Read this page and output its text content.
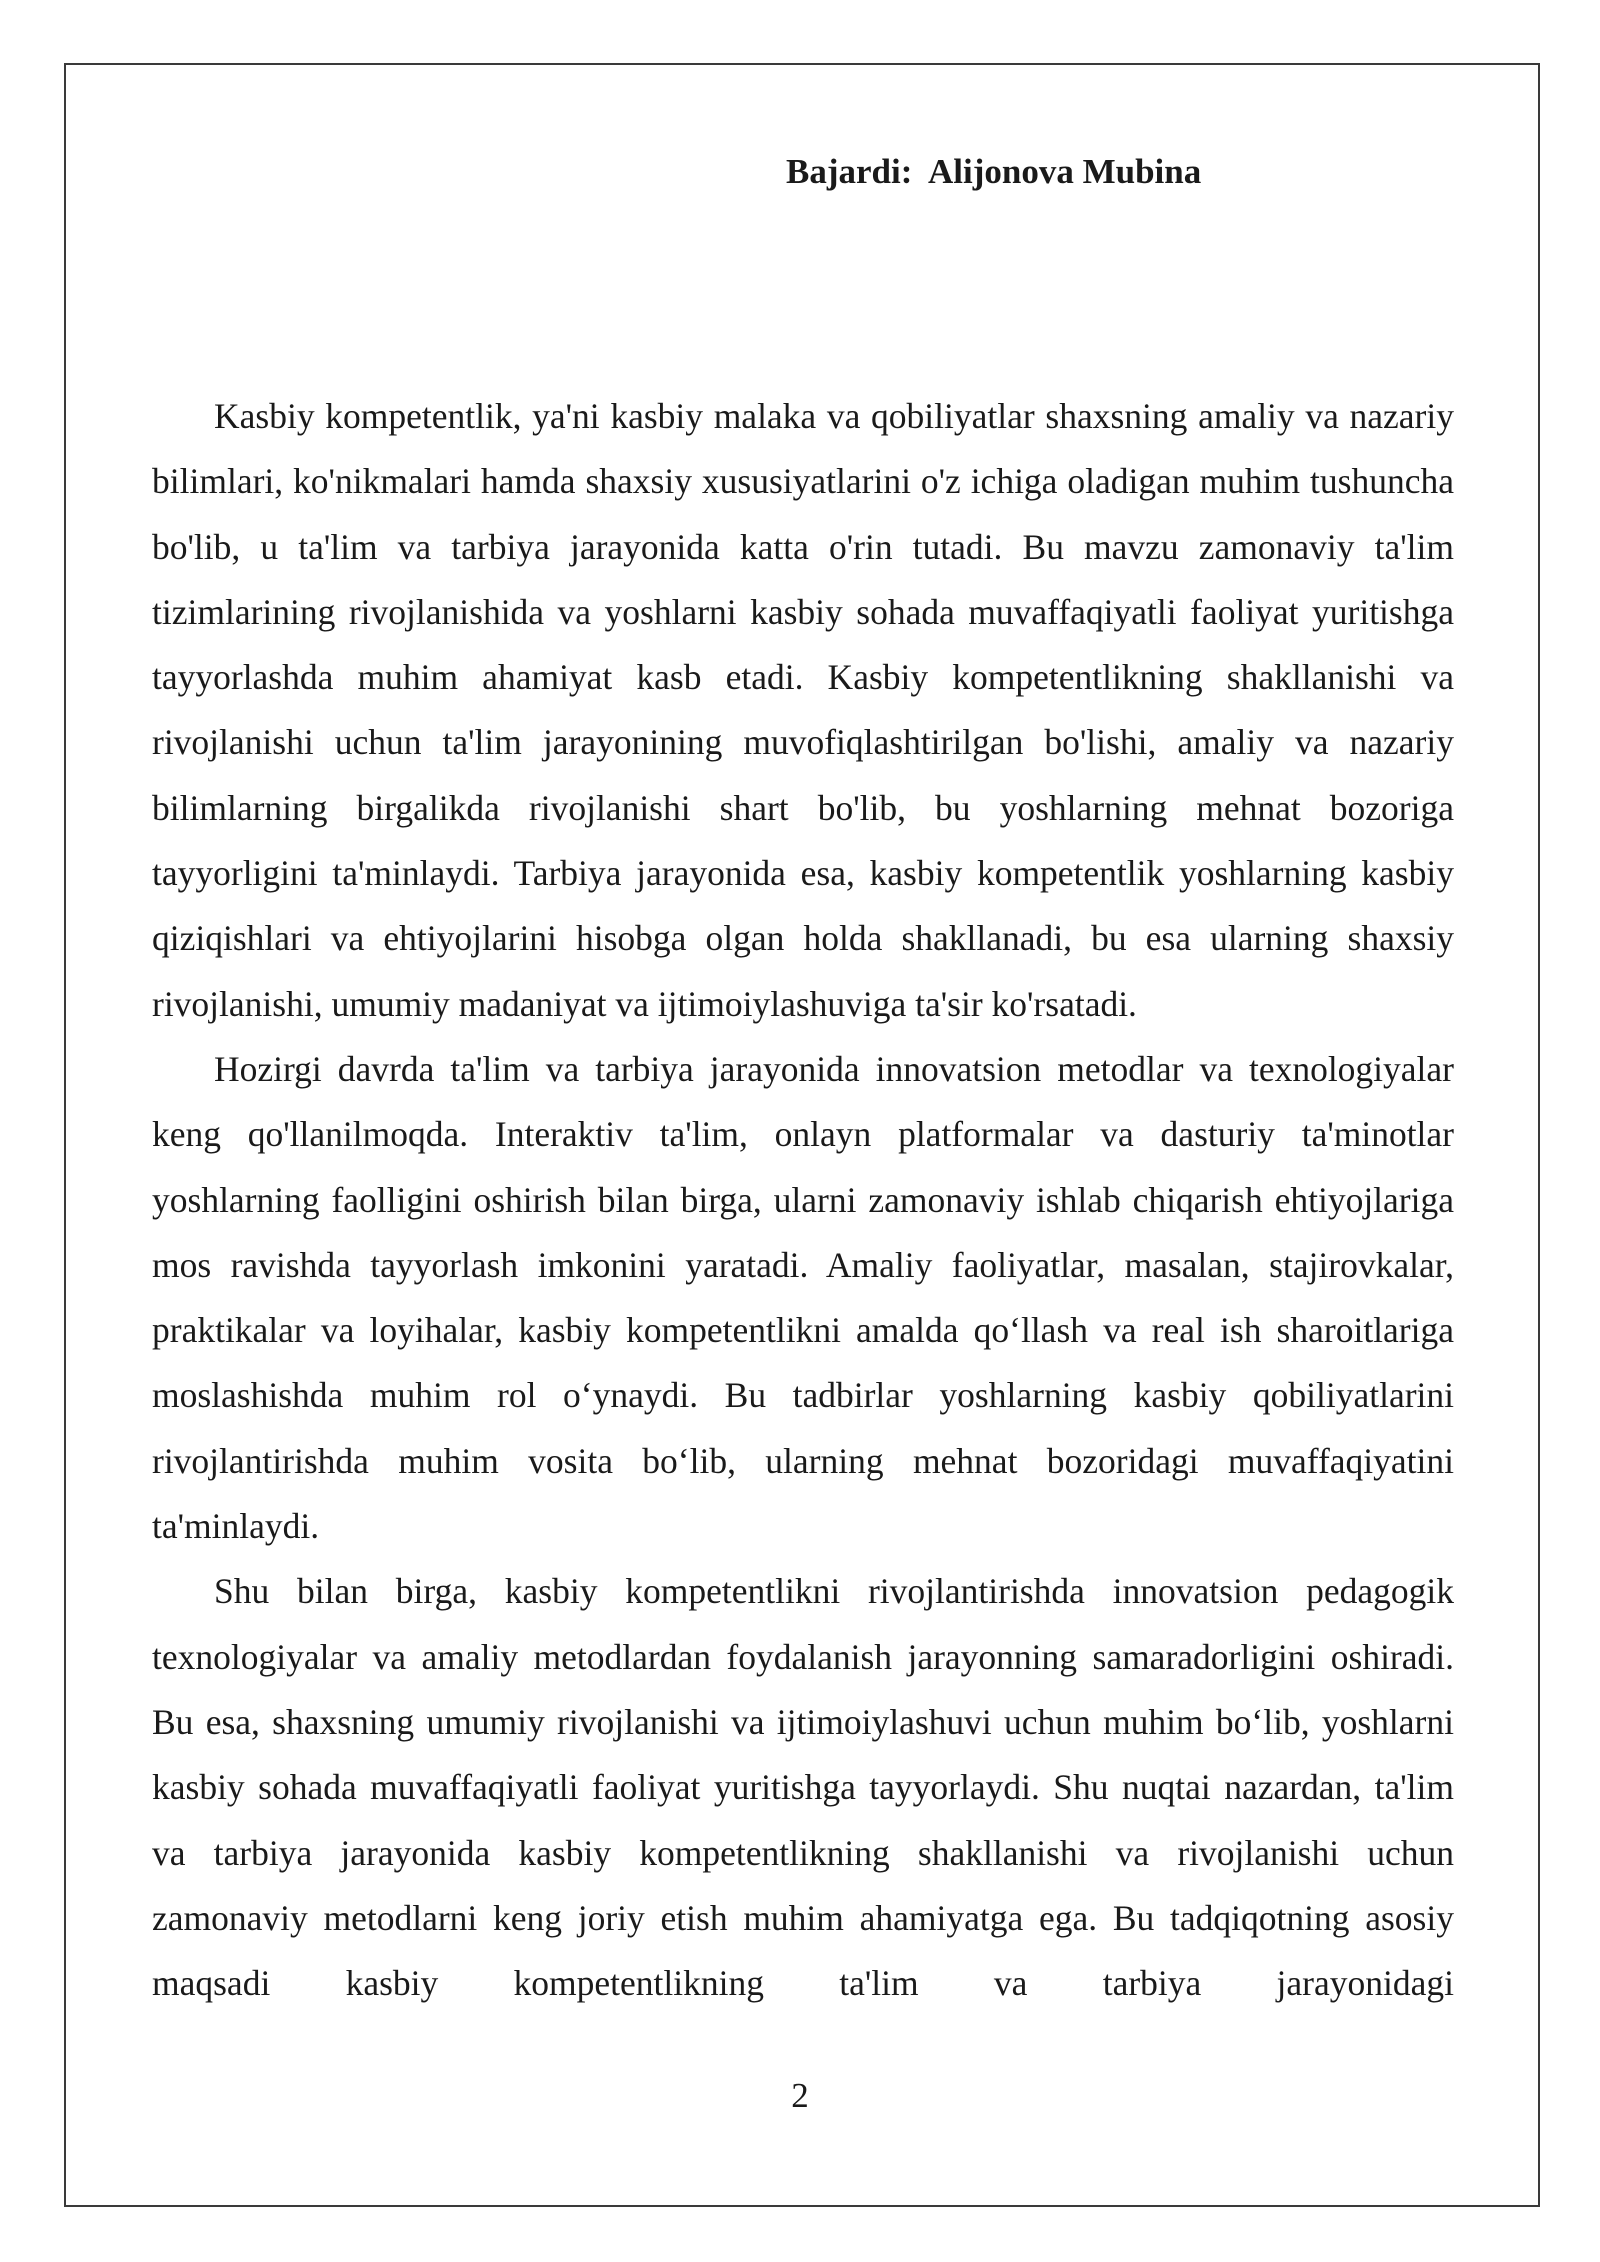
Bajardi: Alijonova Mubina

Kasbiy kompetentlik, ya'ni kasbiy malaka va qobiliyatlar shaxsning amaliy va nazariy bilimlari, ko'nikmalari hamda shaxsiy xususiyatlarini o'z ichiga oladigan muhim tushuncha bo'lib, u ta'lim va tarbiya jarayonida katta o'rin tutadi. Bu mavzu zamonaviy ta'lim tizimlarining rivojlanishida va yoshlarni kasbiy sohada muvaffaqiyatli faoliyat yuritishga tayyorlashda muhim ahamiyat kasb etadi. Kasbiy kompetentlikning shakllanishi va rivojlanishi uchun ta'lim jarayonining muvofiqlashtirilgan bo'lishi, amaliy va nazariy bilimlarning birgalikda rivojlanishi shart bo'lib, bu yoshlarning mehnat bozoriga tayyorligini ta'minlaydi. Tarbiya jarayonida esa, kasbiy kompetentlik yoshlarning kasbiy qiziqishlari va ehtiyojlarini hisobga olgan holda shakllanadi, bu esa ularning shaxsiy rivojlanishi, umumiy madaniyat va ijtimoiylashuviga ta'sir ko'rsatadi.

Hozirgi davrda ta'lim va tarbiya jarayonida innovatsion metodlar va texnologiyalar keng qo'llanilmoqda. Interaktiv ta'lim, onlayn platformalar va dasturiy ta'minotlar yoshlarning faolligini oshirish bilan birga, ularni zamonaviy ishlab chiqarish ehtiyojlariga mos ravishda tayyorlash imkonini yaratadi. Amaliy faoliyatlar, masalan, stajirovkalar, praktikalar va loyihalar, kasbiy kompetentlikni amalda qo‘llash va real ish sharoitlariga moslashishda muhim rol o‘ynaydi. Bu tadbirlar yoshlarning kasbiy qobiliyatlarini rivojlantirishda muhim vosita bo‘lib, ularning mehnat bozoridagi muvaffaqiyatini ta'minlaydi.

Shu bilan birga, kasbiy kompetentlikni rivojlantirishda innovatsion pedagogik texnologiyalar va amaliy metodlardan foydalanish jarayonning samaradorligini oshiradi. Bu esa, shaxsning umumiy rivojlanishi va ijtimoiylashuvi uchun muhim bo‘lib, yoshlarni kasbiy sohada muvaffaqiyatli faoliyat yuritishga tayyorlaydi. Shu nuqtai nazardan, ta'lim va tarbiya jarayonida kasbiy kompetentlikning shakllanishi va rivojlanishi uchun zamonaviy metodlarni keng joriy etish muhim ahamiyatga ega. Bu tadqiqotning asosiy maqsadi kasbiy kompetentlikning ta'lim va tarbiya jarayonidagi

2
